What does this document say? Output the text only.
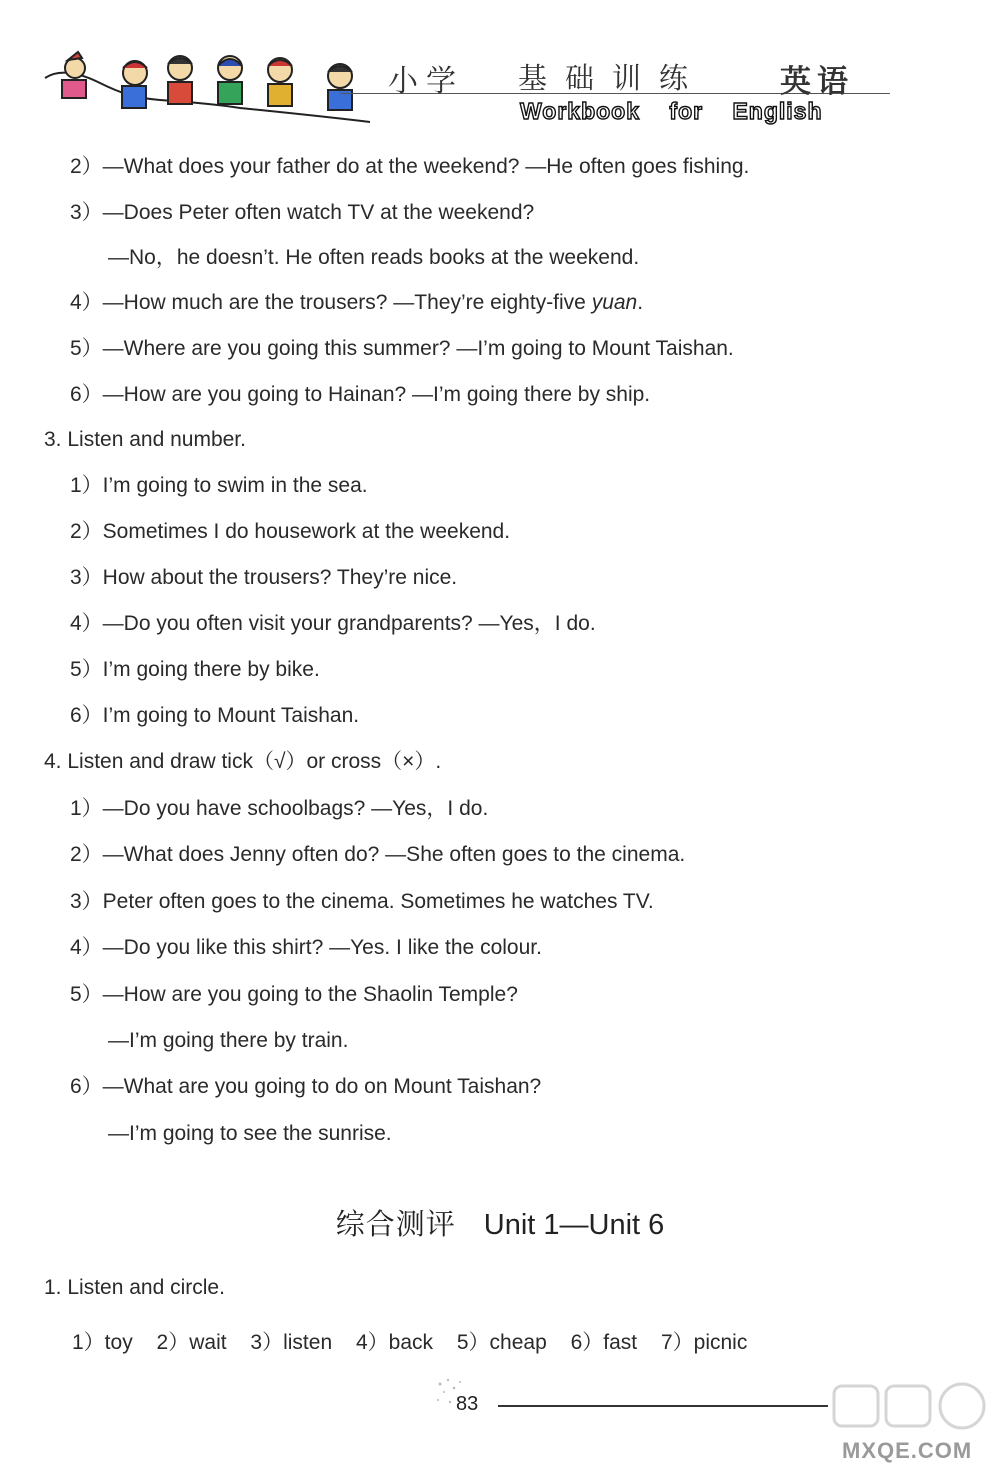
小学 基础训练 英语
Workbook for English
2）—What does your father do at the weekend? —He often goes fishing.
3）—Does Peter often watch TV at the weekend?
—No，he doesn’t. He often reads books at the weekend.
4）—How much are the trousers? —They’re eighty-five yuan.
5）—Where are you going this summer? —I’m going to Mount Taishan.
6）—How are you going to Hainan? —I’m going there by ship.
3. Listen and number.
1）I’m going to swim in the sea.
2）Sometimes I do housework at the weekend.
3）How about the trousers? They’re nice.
4）—Do you often visit your grandparents? —Yes，I do.
5）I’m going there by bike.
6）I’m going to Mount Taishan.
4. Listen and draw tick（√）or cross（×）.
1）—Do you have schoolbags? —Yes，I do.
2）—What does Jenny often do? —She often goes to the cinema.
3）Peter often goes to the cinema. Sometimes he watches TV.
4）—Do you like this shirt? —Yes. I like the colour.
5）—How are you going to the Shaolin Temple?
—I’m going there by train.
6）—What are you going to do on Mount Taishan?
—I’m going to see the sunrise.
综合测评 Unit 1—Unit 6
1. Listen and circle.
1）toy 2）wait 3）listen 4）back 5）cheap 6）fast 7）picnic
83
MXQE.COM
